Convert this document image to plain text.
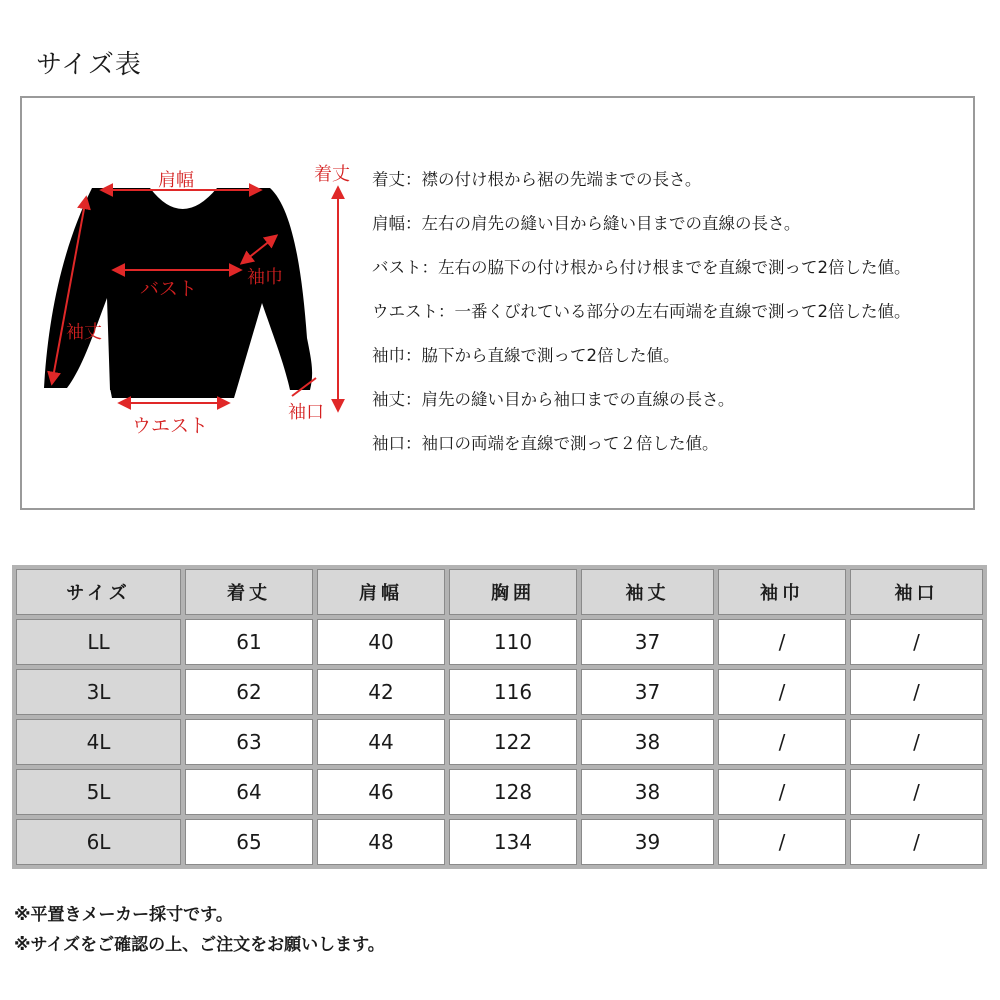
サイズ表
肩幅
バスト
袖巾
袖丈
ウエスト
着丈
袖口
着丈：襟の付け根から裾の先端までの長さ。
肩幅：左右の肩先の縫い目から縫い目までの直線の長さ。
バスト：左右の脇下の付け根から付け根までを直線で測って2倍した値。
ウエスト：一番くびれている部分の左右両端を直線で測って2倍した値。
袖巾：脇下から直線で測って2倍した値。
袖丈：肩先の縫い目から袖口までの直線の長さ。
袖口：袖口の両端を直線で測って２倍した値。
サイズ	着丈	肩幅	胸囲	袖丈	袖巾	袖口
LL	61	40	110	37	/	/
3L	62	42	116	37	/	/
4L	63	44	122	38	/	/
5L	64	46	128	38	/	/
6L	65	48	134	39	/	/
※平置きメーカー採寸です。
※サイズをご確認の上、ご注文をお願いします。
